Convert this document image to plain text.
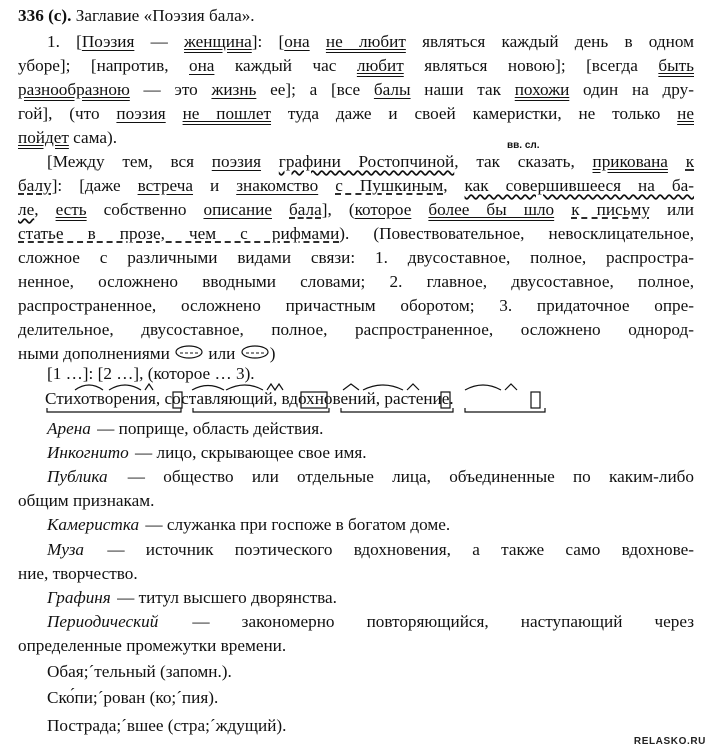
336 (с). Заглавие «Поэзия бала».
1. [Поэзия — женщина]: [она не любит являться каждый день в одном
уборе]; [напротив, она каждый час любит являться новою]; [всегда быть
разнообразною — это жизнь ее]; а [все балы наши так похожи один на дру-
гой], (что поэзия не пошлет туда даже и своей камеристки, не только не
пойдет сама).	вв. сл.
[Между тем, вся поэзия графини Ростопчиной, так сказать, прикована к
балу]: [даже встреча и знакомство с Пушкиным, как совершившееся на ба-
ле, есть собственно описание бала], (которое более бы шло к письму или
статье в прозе, чем с рифмами). (Повествовательное, невосклицательное,
сложное с различными видами связи: 1. двусоставное, полное, распростра-
ненное, осложнено вводными словами; 2. главное, двусоставное, полное,
распространенное, осложнено причастным оборотом; 3. придаточное опре-
делительное, двусоставное, полное, распространенное, осложнено однород-
ными дополнениями  или )
[1 …]: [2 …], (которое … 3).
Стихотворения, составляющий, вдохновений, растение.
Арена — поприще, область действия.
Инкогнито — лицо, скрывающее свое имя.
Публика — общество или отдельные лица, объединенные по каким-либо
общим признакам.
Камеристка — служанка при госпоже в богатом доме.
Муза — источник поэтического вдохновения, а также само вдохнове-
ние, творчество.
Графиня — титул высшего дворянства.
Периодический — закономерно повторяющийся, наступающий через
определенные промежутки времени.
Обая;´тельный (запомн.).
Ско́пи;´рован (ко;´пия).
Пострада;´вшее (стра;´ждущий).
RELASKO.RU
